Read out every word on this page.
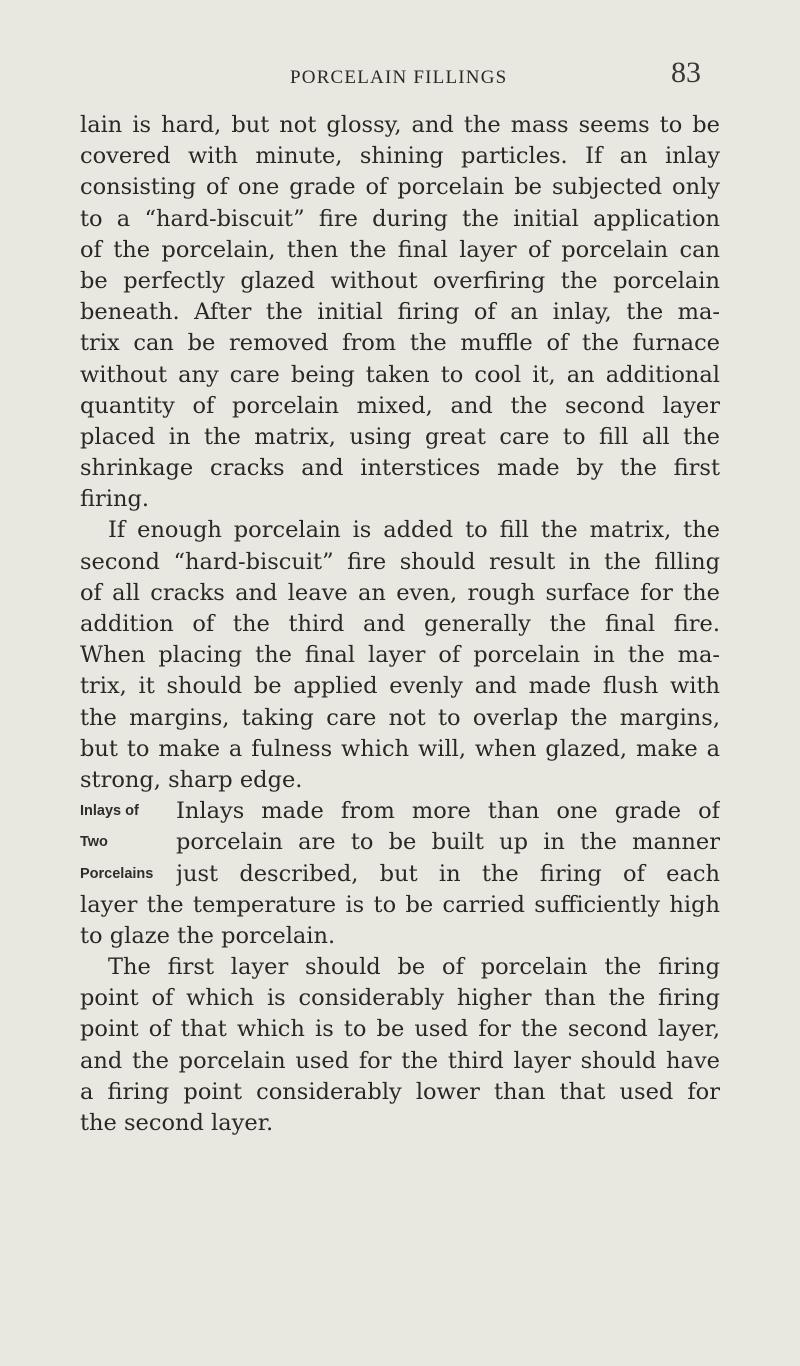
PORCELAIN FILLINGS	83
lain is hard, but not glossy, and the mass seems to be
covered with minute, shining particles. If an inlay
consisting of one grade of porcelain be subjected only
to a “hard-biscuit” fire during the initial application
of the porcelain, then the final layer of porcelain can
be perfectly glazed without overfiring the porcelain
beneath. After the initial firing of an inlay, the ma-
trix can be removed from the muffle of the furnace
without any care being taken to cool it, an additional
quantity of porcelain mixed, and the second layer
placed in the matrix, using great care to fill all the
shrinkage cracks and interstices made by the first
firing.
If enough porcelain is added to fill the matrix, the
second “hard-biscuit” fire should result in the filling
of all cracks and leave an even, rough surface for the
addition of the third and generally the final fire.
When placing the final layer of porcelain in the ma-
trix, it should be applied evenly and made flush with
the margins, taking care not to overlap the margins,
but to make a fulness which will, when glazed, make a
strong, sharp edge.
Inlays of Inlays made from more than one grade of
Two	porcelain are to be built up in the manner
Porcelains just described, but in the firing of each
layer the temperature is to be carried sufficiently high
to glaze the porcelain.
The first layer should be of porcelain the firing
point of which is considerably higher than the firing
point of that which is to be used for the second layer,
and the porcelain used for the third layer should have
a firing point considerably lower than that used for
the second layer.
